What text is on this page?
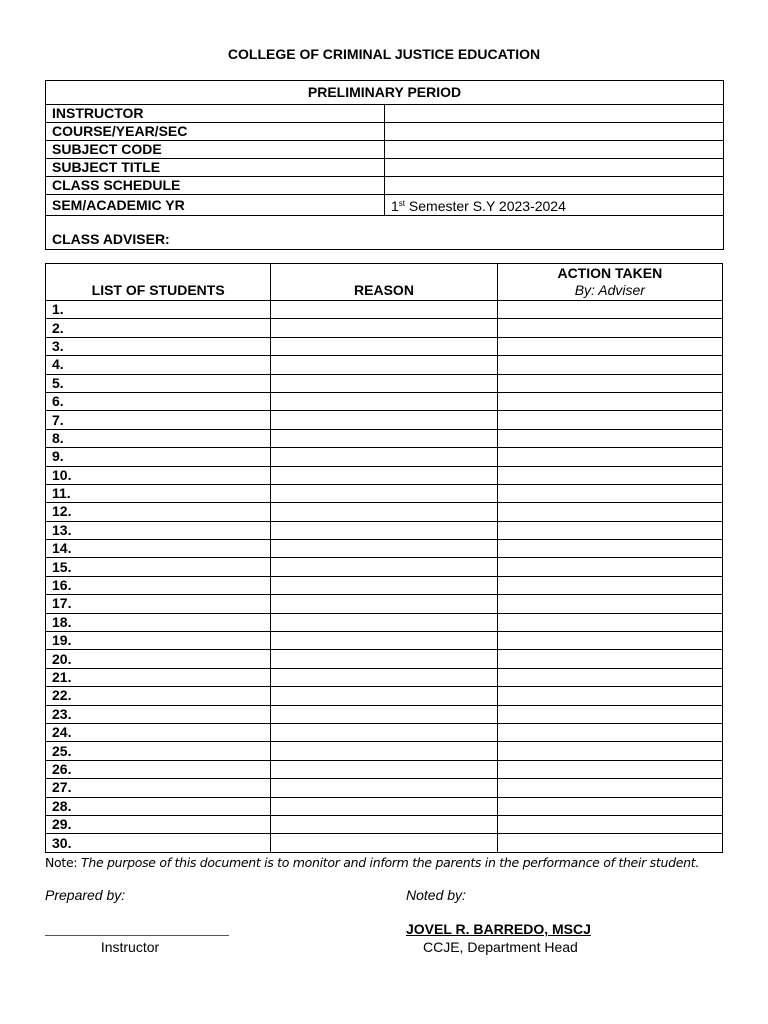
COLLEGE OF CRIMINAL JUSTICE EDUCATION
PRELIMINARY PERIOD	
INSTRUCTOR	
COURSE/YEAR/SEC	
SUBJECT CODE	
SUBJECT TITLE	
CLASS SCHEDULE	
SEM/ACADEMIC YR	1st Semester S.Y 2023-2024
CLASS ADVISER:	
LIST OF STUDENTS	REASON	ACTION TAKEN
By: Adviser

1.		
2.		
3.		
4.		
5.		
6.		
7.		
8.		
9.		
10.		
11.		
12.		
13.		
14.		
15.		
16.		
17.		
18.		
19.		
20.		
21.		
22.		
23.		
24.		
25.		
26.		
27.		
28.		
29.		
30.		
Note: The purpose of this document is to monitor and inform the parents in the performance of their student.
Prepared by:	Noted by:
Instructor
JOVEL R. BARREDO, MSCJ
CCJE, Department Head
